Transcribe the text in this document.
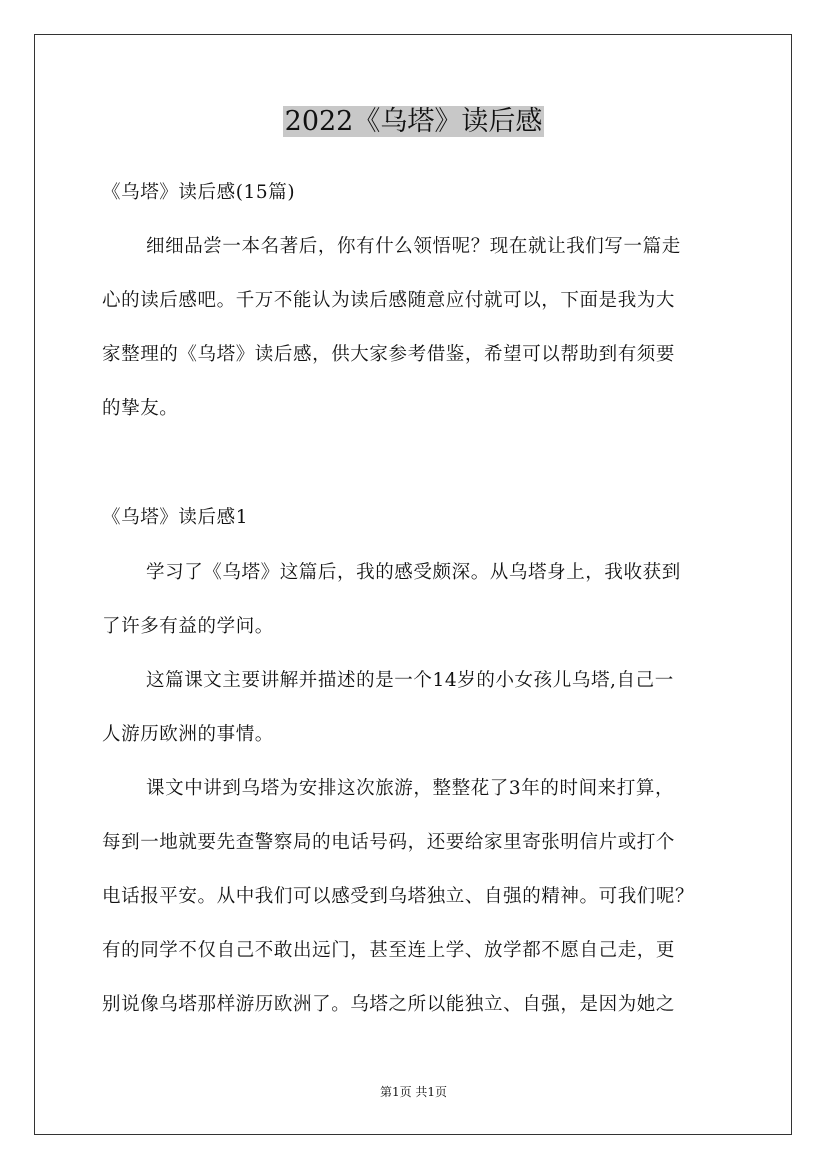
2022《乌塔》读后感
《乌塔》读后感(15篇)
细细品尝一本名著后，你有什么领悟呢？现在就让我们写一篇走
心的读后感吧。千万不能认为读后感随意应付就可以，下面是我为大
家整理的《乌塔》读后感，供大家参考借鉴，希望可以帮助到有须要
的挚友。
《乌塔》读后感1
学习了《乌塔》这篇后，我的感受颇深。从乌塔身上，我收获到
了许多有益的学问。
这篇课文主要讲解并描述的是一个14岁的小女孩儿乌塔,自己一
人游历欧洲的事情。
课文中讲到乌塔为安排这次旅游，整整花了3年的时间来打算，
每到一地就要先查警察局的电话号码，还要给家里寄张明信片或打个
电话报平安。从中我们可以感受到乌塔独立、自强的精神。可我们呢？
有的同学不仅自己不敢出远门，甚至连上学、放学都不愿自己走，更
别说像乌塔那样游历欧洲了。乌塔之所以能独立、自强，是因为她之
第1页 共1页
